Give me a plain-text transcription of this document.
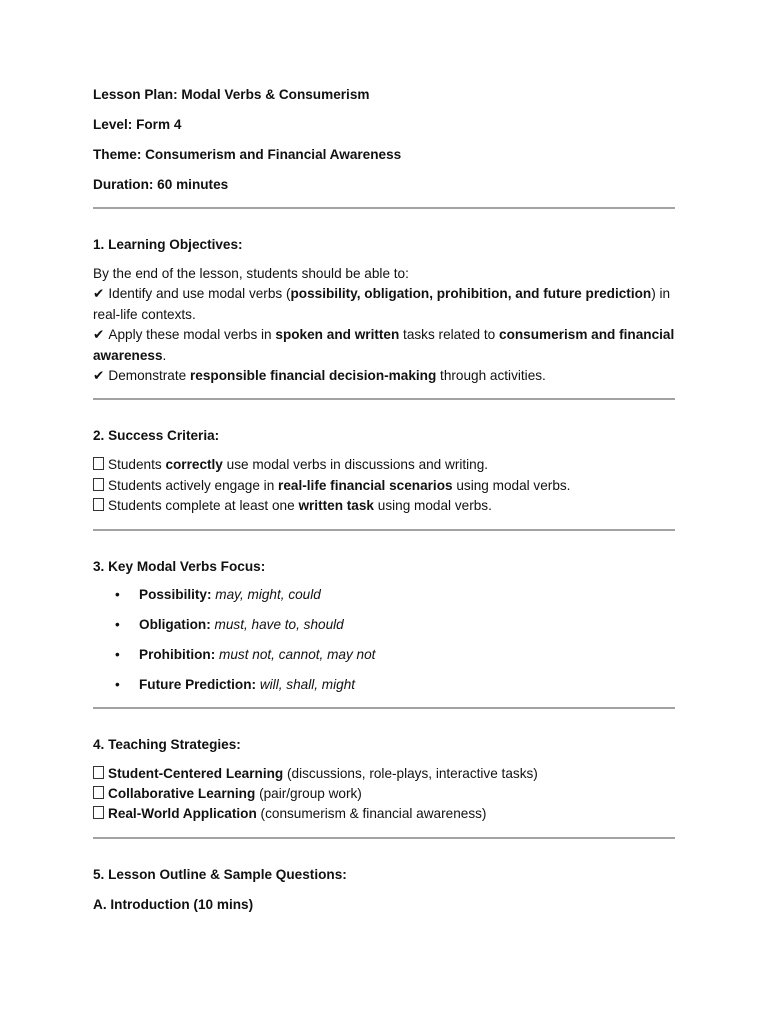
Lesson Plan: Modal Verbs & Consumerism

Level: Form 4

Theme: Consumerism and Financial Awareness

Duration: 60 minutes

1. Learning Objectives:

By the end of the lesson, students should be able to:

✔ Identify and use modal verbs (possibility, obligation, prohibition, and future prediction) in real-life contexts.

✔ Apply these modal verbs in spoken and written tasks related to consumerism and financial awareness.

✔ Demonstrate responsible financial decision-making through activities.

2. Success Criteria:

Students correctly use modal verbs in discussions and writing.

Students actively engage in real-life financial scenarios using modal verbs.

Students complete at least one written task using modal verbs.

3. Key Modal Verbs Focus:

• Possibility: may, might, could
• Obligation: must, have to, should
• Prohibition: must not, cannot, may not
• Future Prediction: will, shall, might

4. Teaching Strategies:

Student-Centered Learning (discussions, role-plays, interactive tasks)

Collaborative Learning (pair/group work)

Real-World Application (consumerism & financial awareness)

5. Lesson Outline & Sample Questions:

A. Introduction (10 mins)
